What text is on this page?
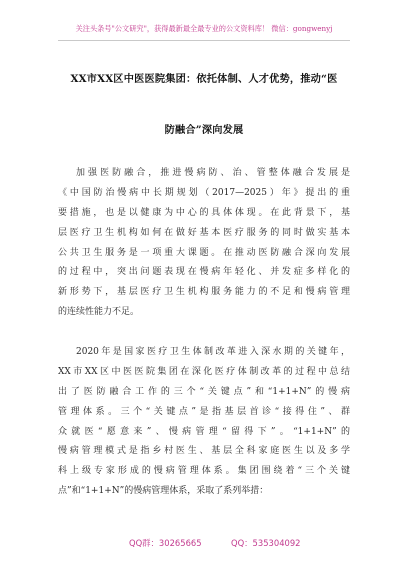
关注头条号"公文研究"，获得最新最全最专业的公文资料库！ 微信：gongwenyj
XX市XX区中医医院集团：依托体制、人才优势，推动“医
防融合”深向发展
加强医防融合，推进慢病防、治、管整体融合发展是
《中国防治慢病中长期规划（2017—2025）年》提出的重
要措施，也是以健康为中心的具体体现。在此背景下，基
层医疗卫生机构如何在做好基本医疗服务的同时做实基本
公共卫生服务是一项重大课题。在推动医防融合深向发展
的过程中，突出问题表现在慢病年轻化、并发症多样化的
新形势下，基层医疗卫生机构服务能力的不足和慢病管理
的连续性能力不足。
2020年是国家医疗卫生体制改革进入深水期的关键年，
XX市XX区中医医院集团在深化医疗体制改革的过程中总结
出了医防融合工作的三个“关键点”和“1+1+N”的慢病
管理体系。三个“关键点”是指基层首诊“接得住”、群
众就医“愿意来”、慢病管理“留得下”。“1+1+N”的
慢病管理模式是指乡村医生、基层全科家庭医生以及多学
科上级专家形成的慢病管理体系。集团围绕着“三个关键
点”和“1+1+N”的慢病管理体系，采取了系列举措：
QQ群：30265665	QQ：535304092
